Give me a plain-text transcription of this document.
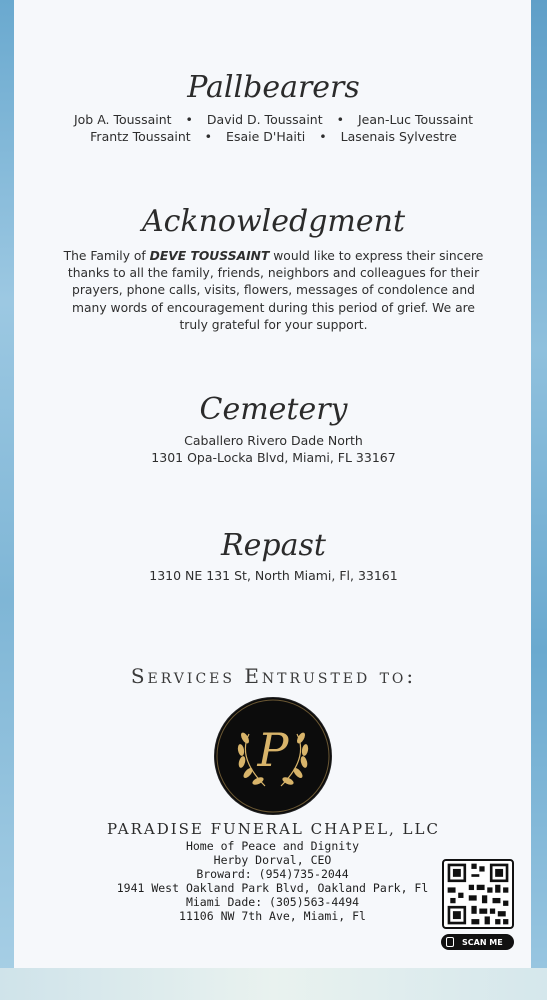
Pallbearers
Job A. Toussaint • David D. Toussaint • Jean-Luc Toussaint
Frantz Toussaint • Esaie D'Haiti • Lasenais Sylvestre
Acknowledgment
The Family of DEVE TOUSSAINT would like to express their sincere thanks to all the family, friends, neighbors and colleagues for their prayers, phone calls, visits, flowers, messages of condolence and many words of encouragement during this period of grief. We are truly grateful for your support.
Cemetery
Caballero Rivero Dade North
1301 Opa-Locka Blvd, Miami, FL 33167
Repast
1310 NE 131 St, North Miami, Fl, 33161
Services Entrusted to:
P
PARADISE FUNERAL CHAPEL, LLC
Home of Peace and Dignity
Herby Dorval, CEO
Broward: (954)735-2044
1941 West Oakland Park Blvd, Oakland Park, Fl
Miami Dade: (305)563-4494
11106 NW 7th Ave, Miami, Fl
SCAN ME
